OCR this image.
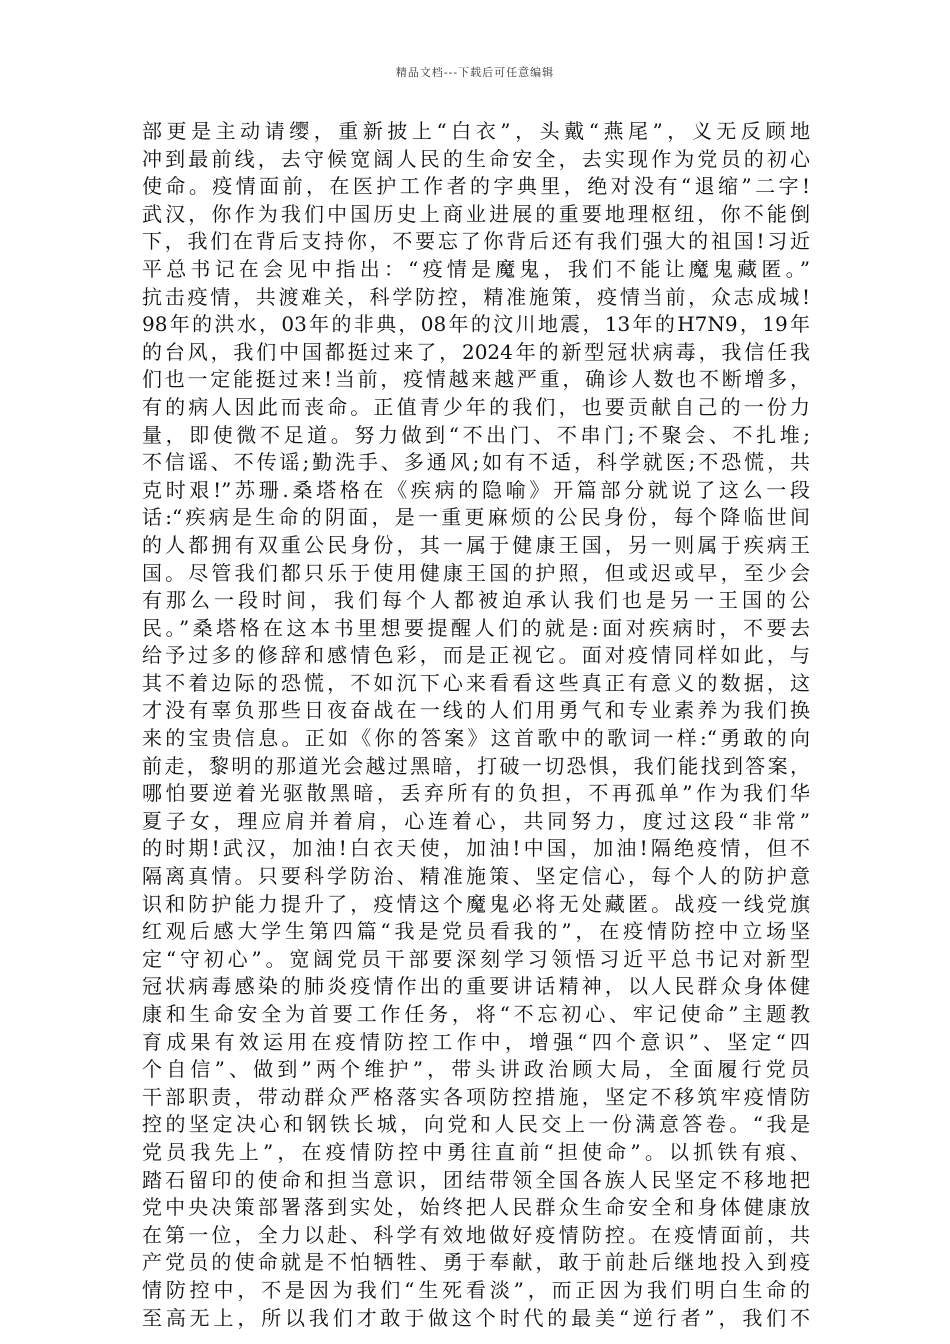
精品文档---下载后可任意编辑
部更是主动请缨，重新披上“白衣”，头戴“燕尾”，义无反顾地
冲到最前线，去守候宽阔人民的生命安全，去实现作为党员的初心
使命。疫情面前，在医护工作者的字典里，绝对没有“退缩”二字!
武汉，你作为我们中国历史上商业进展的重要地理枢纽，你不能倒
下，我们在背后支持你，不要忘了你背后还有我们强大的祖国!习近
平总书记在会见中指出：“疫情是魔鬼，我们不能让魔鬼藏匿。”
抗击疫情，共渡难关，科学防控，精准施策，疫情当前，众志成城!
98年的洪水，03年的非典，08年的汶川地震，13年的H7N9，19年
的台风，我们中国都挺过来了，2024年的新型冠状病毒，我信任我
们也一定能挺过来!当前，疫情越来越严重，确诊人数也不断增多，
有的病人因此而丧命。正值青少年的我们，也要贡献自己的一份力
量，即使微不足道。努力做到“不出门、不串门;不聚会、不扎堆;
不信谣、不传谣;勤洗手、多通风;如有不适，科学就医;不恐慌，共
克时艰!”苏珊.桑塔格在《疾病的隐喻》开篇部分就说了这么一段
话:“疾病是生命的阴面，是一重更麻烦的公民身份，每个降临世间
的人都拥有双重公民身份，其一属于健康王国，另一则属于疾病王
国。尽管我们都只乐于使用健康王国的护照，但或迟或早，至少会
有那么一段时间，我们每个人都被迫承认我们也是另一王国的公
民。”桑塔格在这本书里想要提醒人们的就是:面对疾病时，不要去
给予过多的修辞和感情色彩，而是正视它。面对疫情同样如此，与
其不着边际的恐慌，不如沉下心来看看这些真正有意义的数据，这
才没有辜负那些日夜奋战在一线的人们用勇气和专业素养为我们换
来的宝贵信息。正如《你的答案》这首歌中的歌词一样:“勇敢的向
前走，黎明的那道光会越过黑暗，打破一切恐惧，我们能找到答案，
哪怕要逆着光驱散黑暗，丢弃所有的负担，不再孤单”作为我们华
夏子女，理应肩并着肩，心连着心，共同努力，度过这段“非常”
的时期!武汉，加油!白衣天使，加油!中国，加油!隔绝疫情，但不
隔离真情。只要科学防治、精准施策、坚定信心，每个人的防护意
识和防护能力提升了，疫情这个魔鬼必将无处藏匿。战疫一线党旗
红观后感大学生第四篇“我是党员看我的”，在疫情防控中立场坚
定“守初心”。宽阔党员干部要深刻学习领悟习近平总书记对新型
冠状病毒感染的肺炎疫情作出的重要讲话精神，以人民群众身体健
康和生命安全为首要工作任务，将“不忘初心、牢记使命”主题教
育成果有效运用在疫情防控工作中，增强“四个意识”、坚定“四
个自信”、做到”两个维护”，带头讲政治顾大局，全面履行党员
干部职责，带动群众严格落实各项防控措施，坚定不移筑牢疫情防
控的坚定决心和钢铁长城，向党和人民交上一份满意答卷。“我是
党员我先上”，在疫情防控中勇往直前“担使命”。以抓铁有痕、
踏石留印的使命和担当意识，团结带领全国各族人民坚定不移地把
党中央决策部署落到实处，始终把人民群众生命安全和身体健康放
在第一位，全力以赴、科学有效地做好疫情防控。在疫情面前，共
产党员的使命就是不怕牺牲、勇于奉献，敢于前赴后继地投入到疫
情防控中，不是因为我们“生死看淡”，而正因为我们明白生命的
至高无上，所以我们才敢于做这个时代的最美“逆行者”，我们不
